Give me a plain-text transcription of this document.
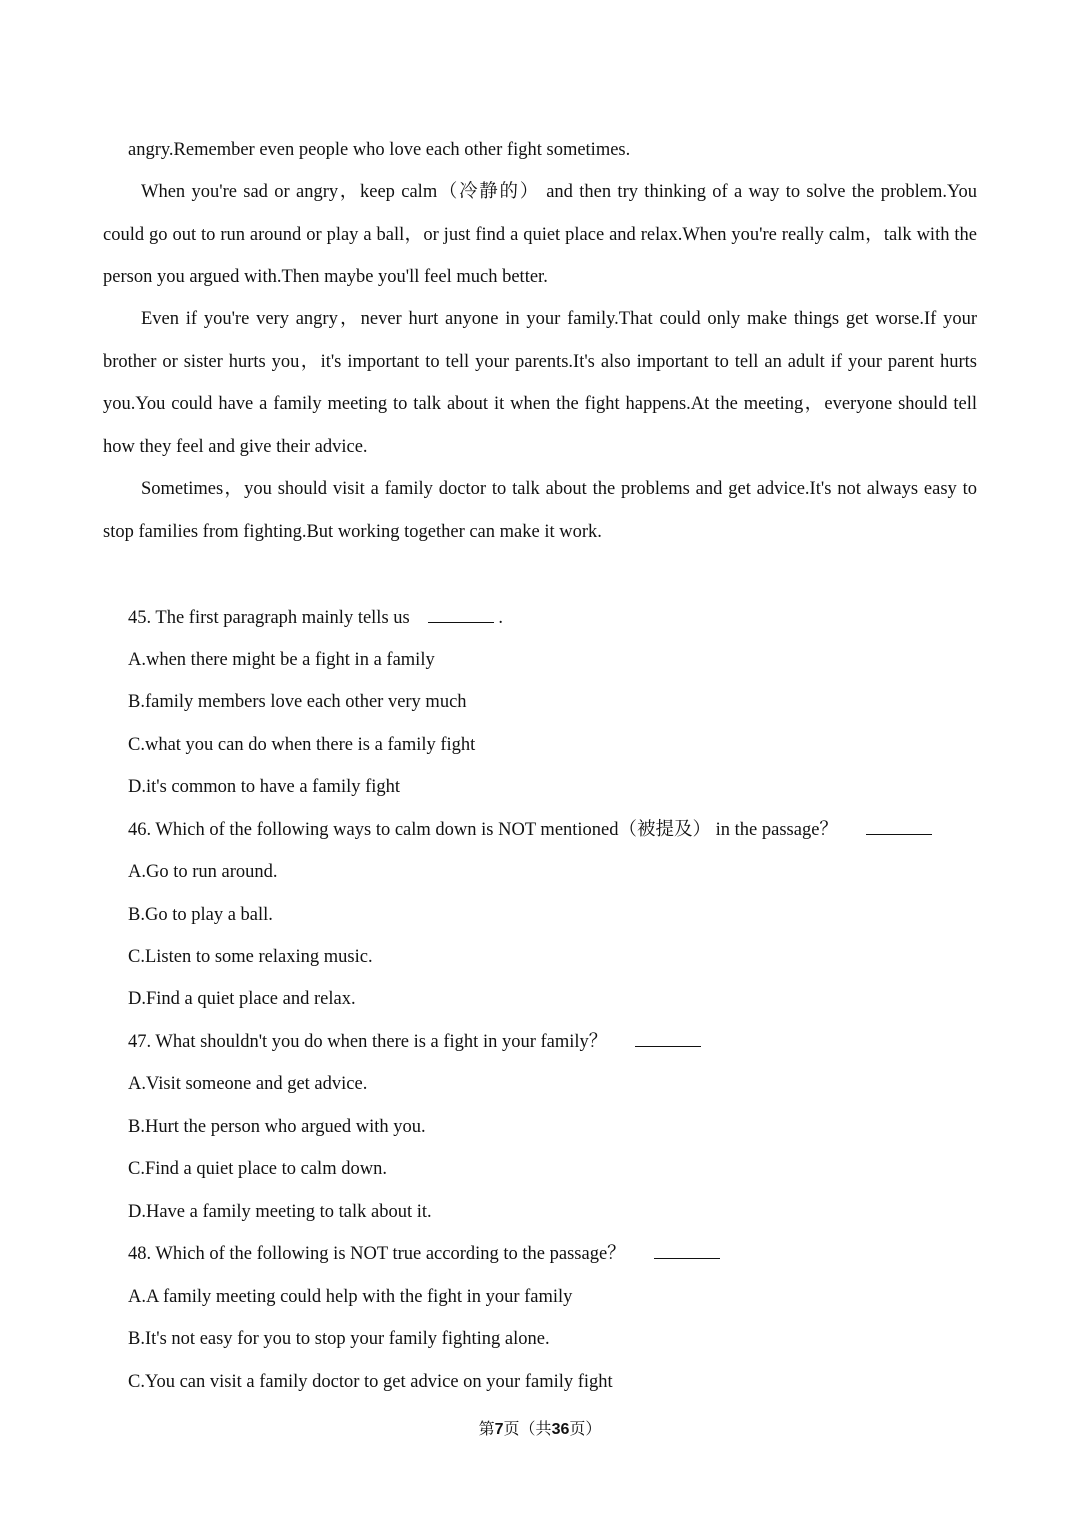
angry.Remember even people who love each other fight sometimes.

When you're sad or angry，keep calm（冷静的） and then try thinking of a way to solve the problem.You could go out to run around or play a ball，or just find a quiet place and relax.When you're really calm，talk with the person you argued with.Then maybe you'll feel much better.

Even if you're very angry，never hurt anyone in your family.That could only make things get worse.If your brother or sister hurts you，it's important to tell your parents.It's also important to tell an adult if your parent hurts you.You could have a family meeting to talk about it when the fight happens.At the meeting，everyone should tell how they feel and give their advice.

Sometimes，you should visit a family doctor to talk about the problems and get advice.It's not always easy to stop families from fighting.But working together can make it work.

45. The first paragraph mainly tells us	.

A.when there might be a fight in a family

B.family members love each other very much

C.what you can do when there is a family fight

D.it's common to have a family fight

46. Which of the following ways to calm down is NOT mentioned（被提及） in the passage？

A.Go to run around.

B.Go to play a ball.

C.Listen to some relaxing music.

D.Find a quiet place and relax.

47. What shouldn't you do when there is a fight in your family？

A.Visit someone and get advice.

B.Hurt the person who argued with you.

C.Find a quiet place to calm down.

D.Have a family meeting to talk about it.

48. Which of the following is NOT true according to the passage？

A.A family meeting could help with the fight in your family

B.It's not easy for you to stop your family fighting alone.

C.You can visit a family doctor to get advice on your family fight

第7页（共36页）
